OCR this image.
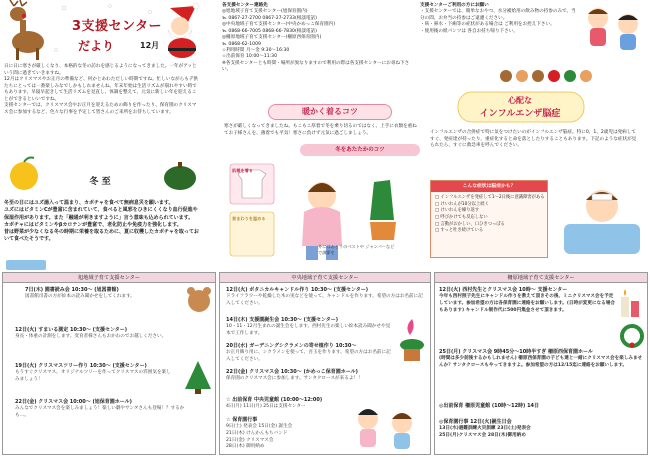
3支援センター
だより	12月
日に日に寒さが厳しくなり、本格的な冬の訪れを感じるようになってきました。一年がアッという間に過ぎていきますね。
12月はクリスマスやお正月の準備など、何かとあわただしい時期ですね。忙しいながらもデ供たちにとっては一番楽しみなでしかもしれませんね。年末年始は生活リズムが崩れやすい時でもあります。早寝早起きして生活リズムを見直し、体調を整えて、元気に新しい年を迎えることができるといいですね。
支援センターでは、クリスマス会やお正月を迎えるための飾りを作ったり、保育園のクリスマス会に参加するなど、色々な行事を予定して皆さんのご来所をお待ちしています。
各支援センター連絡先
◎旭地域子育て支援センター(旭保育園内)
℡ 0867-27-2700 0867-27-2733(相談電話)
◎中央地域子育て支援センター(中央かめっこ保育園内)
℡ 0868-66-7005 0868-66-7830(相談電話)
◎柵原地域子育て支援センター(柵原西保育園内)
℡ 0868-62-1009
☆利用時間 月～金 9:30～16:30
☆出前保育 10:00～11:30
※各支援センターとも時間・場所が異なりますので利用の際は各支援センターにお尋ね下さい。
支援センターご利用の方にお願い
・支援センターでは、簡単なおやつ、水分補給用の飲み物の持参のみで、当分の間、お弁当の持参はご遠慮ください。
・咳・鼻水・下痢等の症状がある場合は ご利用をお控え下さい。
・使用後の紙パンツは 各自お持ち帰り下さい。
冬 至
冬至の日にはユズ湯入って温まり、カボチャを食べて無病息災を願います。
ユズにはビタミンCが豊富に含まれていて、食べると風邪をひきにくくなり血行促進や保湿作用があります。また「融通が利きますように」言う意味も込められています。
カボチャにはビタミンやβカロテンが豊富で、老化防止や免疫力を強化します。
昔は野菜が少なくなる冬の時期に栄養を取るために、夏に収穫したカボチャを取っておいて食べたそうです。
暖かく着るコツ
寒さが厳しくなってきましたね。もこもこ厚着で冬を乗り切るのではなく、上手に衣類を重ねてお子様さんを、薄着でも平気！寒さに負けず元気に過ごしましょう。
冬をあたたかのコツ
肌着を着る
首まわりを温める
外にはおとうのベストや ジャンパーなどで調節を
心配な
インフルエンザ脳症
インフルエンザの合併症で特に気をつけたいのがインフルエンザ脳症。特に0、1、2歳児は発病してすぐ、発症達が持ったり、重症化すると命を落としたりすることもあります。下記のような症状が見られたら、すぐに救急車を呼んでください。
こんな症状は脳症かも？
□ インフルエンザを発症して1～2日後に意識障害がある
□ けいれんが10分以上続く
□ けいれんを繰り返す
□ 呼びかけても反応しない
□ 言動がおかしい、口ひきつっぽる
□ すっと吐き続けている
旭地域子育て支援センター
7日(木) 園書読み会 10:30～ (旭図書館)
図書館司書の方が絵本の読み聞かせをしてくれます。
12日(火) すまいる測定 10:30～ (支援センター)
身長・体重の計測をします。変育者様さんもおかわのでお越しください。
19日(火) クリスマスツリー作り 10:30～ (支援センター)
もうすぐクリスマス。オリジナルツリーを作ってクリスマスの雰囲気を楽しみましょう！
22日(金) クリスマス会 10:00～ (旭保育園ホール)
みんなでクリスマス会を楽しみましょう！楽しい劇やサンタさんも登場！？するかも…。
中央地域子育て支援センター
12日(火) ボタニカルキャンドル作り 10:30～ (支援センター)
ドライフラワーや乾燥した木の実などを使って、キャンドルを作ります。希望の方はお名前に記入してください。
14日(木) 支援園誕生会 10:30～ (支援センター)
10・11・12月生まれの誕生会をします。西村先生の楽しい絵本読み聞かせや見本で工作します。
20日(水) ガーデニングシクラメンの寄せ植作り 10:30～
お正月飾り用に、シクラメンを使って、吾玉を作ります。希望の方はお名前に記入してください。
22日(金) クリスマス会 10:30～ (かめっこ保育園ホール)
保育園のクリスマス会に参加します。サンタクロースが来るよ！！
☆ 出前保育 中央児童館 (10:00～12:00)
4日(月) 11日(月) 25日は支援センター
☆ 保育園行事
9日(土) 発表会 15日(金) 誕生会
21日(木) けんかんもちバンド
21日(金) クリスマス会
28日(木) 御用納め
柵原地域子育て支援センター
12日(火) 西村先生とクリスマス会 10時～ 支援センター
今年も西村照子先生にキャンドル作りを教えて頂きその後、ミニクリスマス会を予定しています。参加希望の方は各保育園に連絡をお願いします。(日時が変更になる場合もあります) キャンドル制作代に500円集金させて頂きます。
25日(月) クリスマス会 9時45分～10時半すぎ 柵原西保育園ホール
(時間は多少前後するかもしれません) 柵原西保育園の子ども達と一緒にクリスマス会を楽しみませんか？サンタクロースもやってきますよ。参加希望の方は12/15迄に連絡をお願いします。
◎出前保育 柵原児童館 (10時～12時) 14日
◎保育園行事 12日(火)誕生日会
13日(水)避難訓練火災訓練 23日(土)発表会
25日(月)クリスマス会 28日(木)御用納め
